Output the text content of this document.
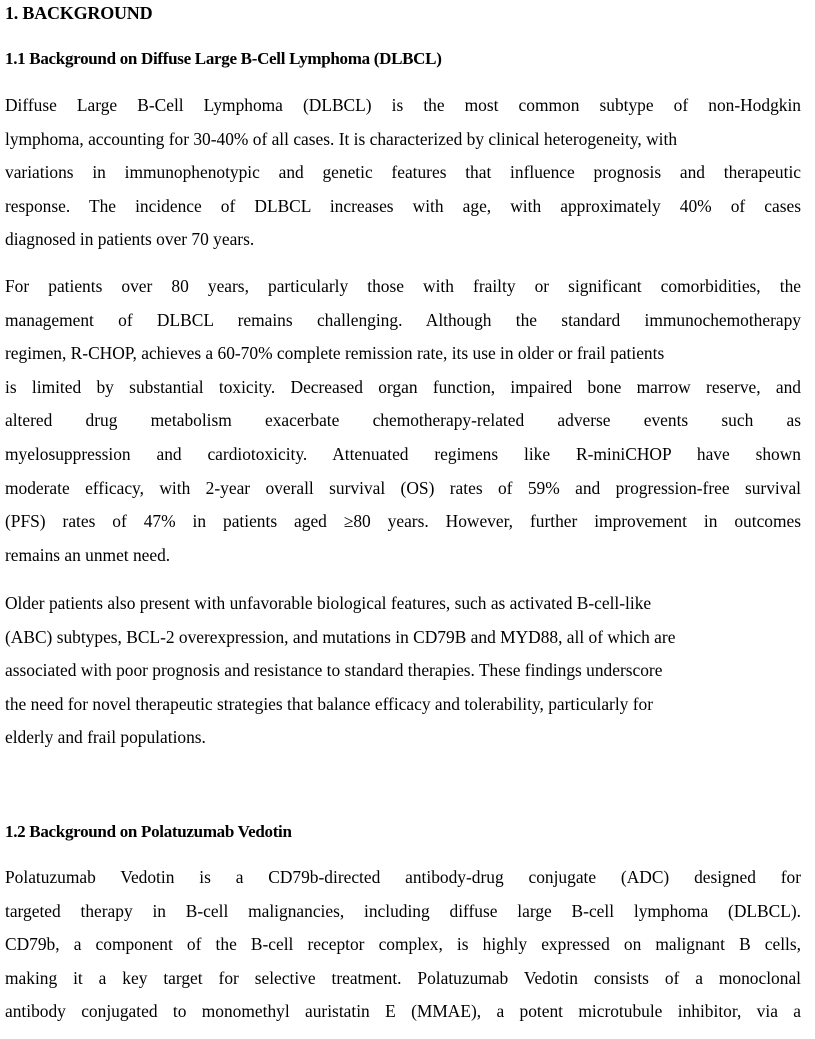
1. BACKGROUND
1.1 Background on Diffuse Large B-Cell Lymphoma (DLBCL)
Diffuse Large B-Cell Lymphoma (DLBCL) is the most common subtype of non-Hodgkin
lymphoma, accounting for 30-40% of all cases. It is characterized by clinical heterogeneity, with
variations in immunophenotypic and genetic features that influence prognosis and therapeutic
response. The incidence of DLBCL increases with age, with approximately 40% of cases
diagnosed in patients over 70 years.
For patients over 80 years, particularly those with frailty or significant comorbidities, the
management of DLBCL remains challenging. Although the standard immunochemotherapy
regimen, R-CHOP, achieves a 60-70% complete remission rate, its use in older or frail patients
is limited by substantial toxicity. Decreased organ function, impaired bone marrow reserve, and
altered drug metabolism exacerbate chemotherapy-related adverse events such as
myelosuppression and cardiotoxicity. Attenuated regimens like R-miniCHOP have shown
moderate efficacy, with 2-year overall survival (OS) rates of 59% and progression-free survival
(PFS) rates of 47% in patients aged ≥80 years. However, further improvement in outcomes
remains an unmet need.
Older patients also present with unfavorable biological features, such as activated B-cell-like
(ABC) subtypes, BCL-2 overexpression, and mutations in CD79B and MYD88, all of which are
associated with poor prognosis and resistance to standard therapies. These findings underscore
the need for novel therapeutic strategies that balance efficacy and tolerability, particularly for
elderly and frail populations.
1.2 Background on Polatuzumab Vedotin
Polatuzumab Vedotin is a CD79b-directed antibody-drug conjugate (ADC) designed for
targeted therapy in B-cell malignancies, including diffuse large B-cell lymphoma (DLBCL).
CD79b, a component of the B-cell receptor complex, is highly expressed on malignant B cells,
making it a key target for selective treatment. Polatuzumab Vedotin consists of a monoclonal
antibody conjugated to monomethyl auristatin E (MMAE), a potent microtubule inhibitor, via a
